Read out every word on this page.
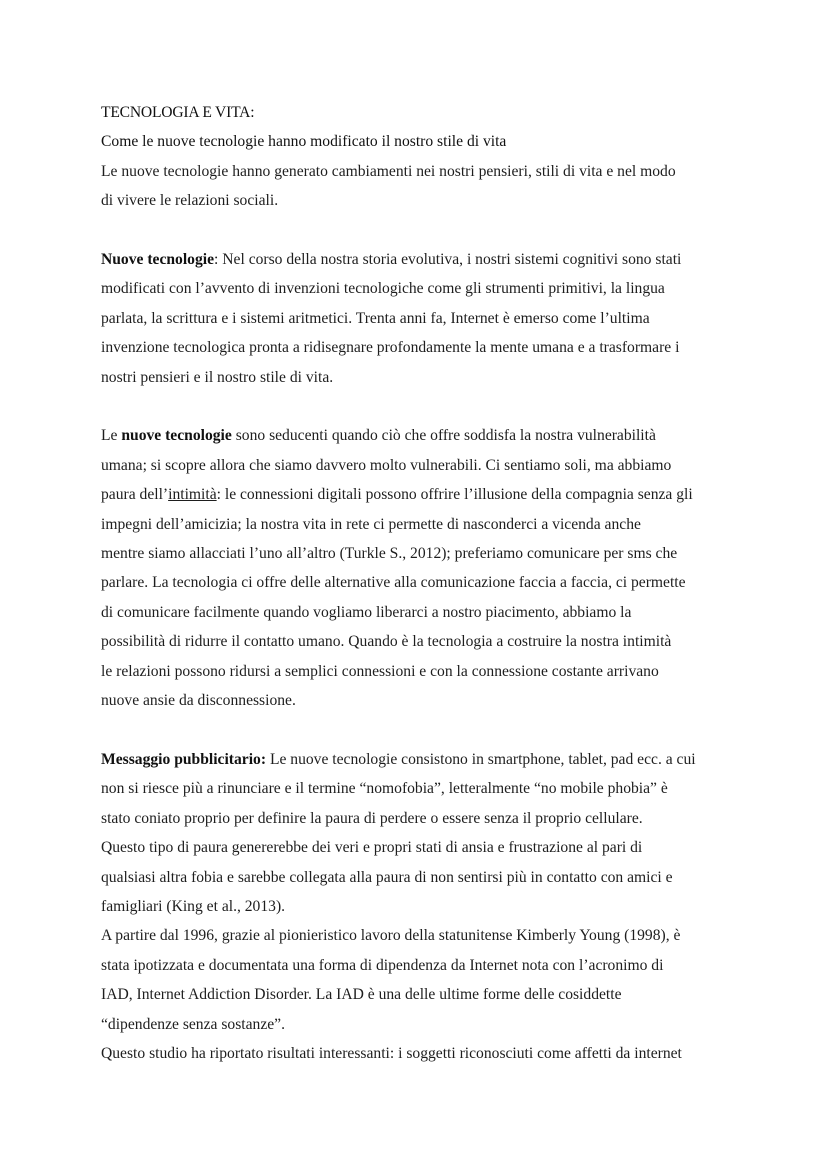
TECNOLOGIA E VITA:
Come le nuove tecnologie hanno modificato il nostro stile di vita
Le nuove tecnologie hanno generato cambiamenti nei nostri pensieri, stili di vita e nel modo
di vivere le relazioni sociali.
Nuove tecnologie: Nel corso della nostra storia evolutiva, i nostri sistemi cognitivi sono stati
modificati con l’avvento di invenzioni tecnologiche come gli strumenti primitivi, la lingua
parlata, la scrittura e i sistemi aritmetici. Trenta anni fa, Internet è emerso come l’ultima
invenzione tecnologica pronta a ridisegnare profondamente la mente umana e a trasformare i
nostri pensieri e il nostro stile di vita.
Le nuove tecnologie sono seducenti quando ciò che offre soddisfa la nostra vulnerabilità
umana; si scopre allora che siamo davvero molto vulnerabili. Ci sentiamo soli, ma abbiamo
paura dell’intimità: le connessioni digitali possono offrire l’illusione della compagnia senza gli
impegni dell’amicizia; la nostra vita in rete ci permette di nasconderci a vicenda anche
mentre siamo allacciati l’uno all’altro (Turkle S., 2012); preferiamo comunicare per sms che
parlare. La tecnologia ci offre delle alternative alla comunicazione faccia a faccia, ci permette
di comunicare facilmente quando vogliamo liberarci a nostro piacimento, abbiamo la
possibilità di ridurre il contatto umano. Quando è la tecnologia a costruire la nostra intimità
le relazioni possono ridursi a semplici connessioni e con la connessione costante arrivano
nuove ansie da disconnessione.
Messaggio pubblicitario: Le nuove tecnologie consistono in smartphone, tablet, pad ecc. a cui
non si riesce più a rinunciare e il termine “nomofobia”, letteralmente “no mobile phobia” è
stato coniato proprio per definire la paura di perdere o essere senza il proprio cellulare.
Questo tipo di paura genererebbe dei veri e propri stati di ansia e frustrazione al pari di
qualsiasi altra fobia e sarebbe collegata alla paura di non sentirsi più in contatto con amici e
famigliari (King et al., 2013).
A partire dal 1996, grazie al pionieristico lavoro della statunitense Kimberly Young (1998), è
stata ipotizzata e documentata una forma di dipendenza da Internet nota con l’acronimo di
IAD, Internet Addiction Disorder. La IAD è una delle ultime forme delle cosiddette
“dipendenze senza sostanze”.
Questo studio ha riportato risultati interessanti: i soggetti riconosciuti come affetti da internet
